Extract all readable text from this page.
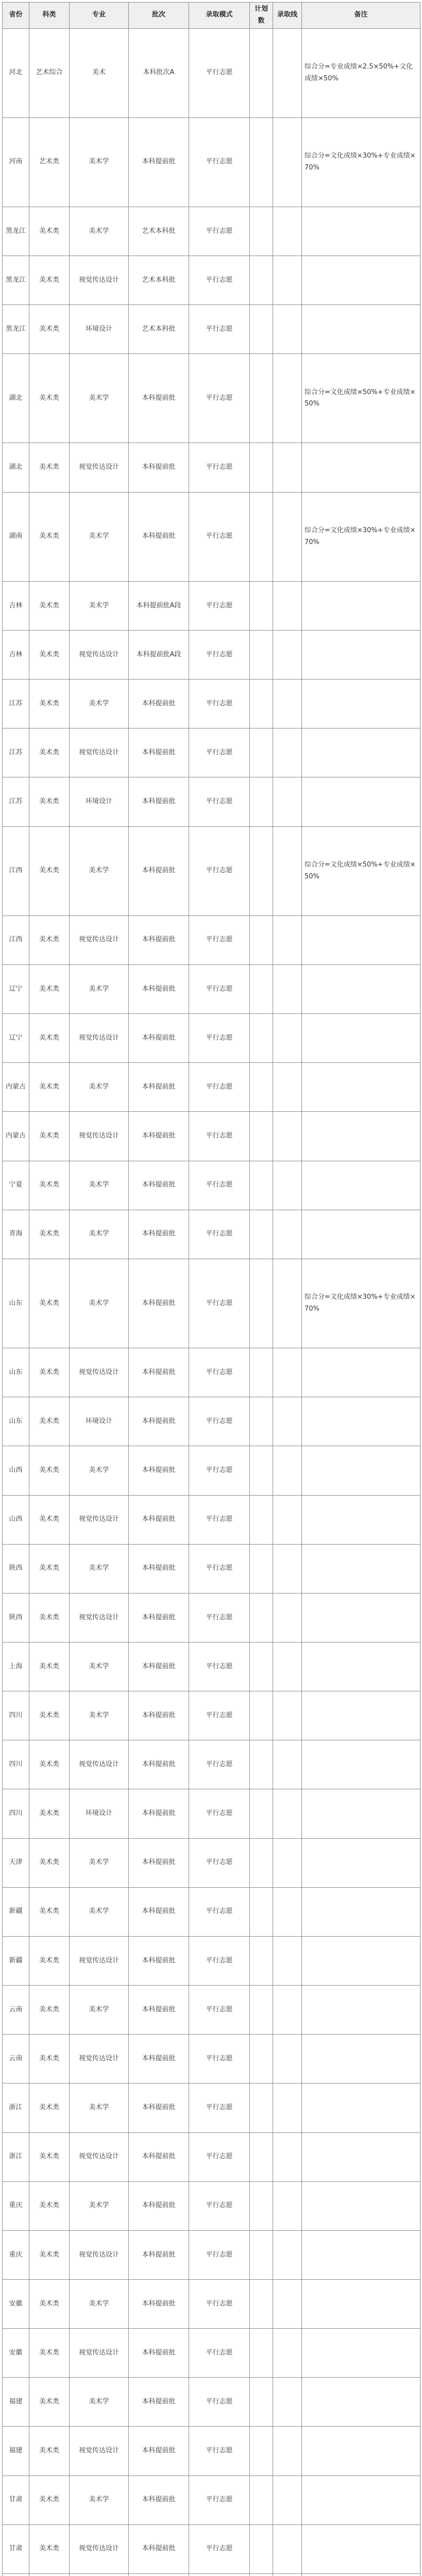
省份	科类	专业	批次	录取模式	计划数	录取线	备注
河北	艺术综合	美术	本科批次A	平行志愿			综合分=专业成绩×2.5×50%+文化成绩×50%
河南	艺术类	美术学	本科提前批	平行志愿			综合分=文化成绩×30%+专业成绩×70%
黑龙江	美术类	美术学	艺术本科批	平行志愿			
黑龙江	美术类	视觉传达设计	艺术本科批	平行志愿			
黑龙江	美术类	环境设计	艺术本科批	平行志愿			
湖北	美术类	美术学	本科提前批	平行志愿			综合分=文化成绩×50%+专业成绩×50%
湖北	美术类	视觉传达设计	本科提前批	平行志愿			
湖南	美术类	美术学	本科提前批	平行志愿			综合分=文化成绩×30%+专业成绩×70%
吉林	美术类	美术学	本科提前批A段	平行志愿			
吉林	美术类	视觉传达设计	本科提前批A段	平行志愿			
江苏	美术类	美术学	本科提前批	平行志愿			
江苏	美术类	视觉传达设计	本科提前批	平行志愿			
江苏	美术类	环境设计	本科提前批	平行志愿			
江西	美术类	美术学	本科提前批	平行志愿			综合分=文化成绩×50%+专业成绩×50%
江西	美术类	视觉传达设计	本科提前批	平行志愿			
辽宁	美术类	美术学	本科提前批	平行志愿			
辽宁	美术类	视觉传达设计	本科提前批	平行志愿			
内蒙古	美术类	美术学	本科提前批	平行志愿			
内蒙古	美术类	视觉传达设计	本科提前批	平行志愿			
宁夏	美术类	美术学	本科提前批	平行志愿			
青海	美术类	美术学	本科提前批	平行志愿			
山东	美术类	美术学	本科提前批	平行志愿			综合分=文化成绩×30%+专业成绩×70%
山东	美术类	视觉传达设计	本科提前批	平行志愿			
山东	美术类	环境设计	本科提前批	平行志愿			
山西	美术类	美术学	本科提前批	平行志愿			
山西	美术类	视觉传达设计	本科提前批	平行志愿			
陕西	美术类	美术学	本科提前批	平行志愿			
陕西	美术类	视觉传达设计	本科提前批	平行志愿			
上海	美术类	美术学	本科提前批	平行志愿			
四川	美术类	美术学	本科提前批	平行志愿			
四川	美术类	视觉传达设计	本科提前批	平行志愿			
四川	美术类	环境设计	本科提前批	平行志愿			
天津	美术类	美术学	本科提前批	平行志愿			
新疆	美术类	美术学	本科提前批	平行志愿			
新疆	美术类	视觉传达设计	本科提前批	平行志愿			
云南	美术类	美术学	本科提前批	平行志愿			
云南	美术类	视觉传达设计	本科提前批	平行志愿			
浙江	美术类	美术学	本科提前批	平行志愿			
浙江	美术类	视觉传达设计	本科提前批	平行志愿			
重庆	美术类	美术学	本科提前批	平行志愿			
重庆	美术类	视觉传达设计	本科提前批	平行志愿			
安徽	美术类	美术学	本科提前批	平行志愿			
安徽	美术类	视觉传达设计	本科提前批	平行志愿			
福建	美术类	美术学	本科提前批	平行志愿			
福建	美术类	视觉传达设计	本科提前批	平行志愿			
甘肃	美术类	美术学	本科提前批	平行志愿			
甘肃	美术类	视觉传达设计	本科提前批	平行志愿			
